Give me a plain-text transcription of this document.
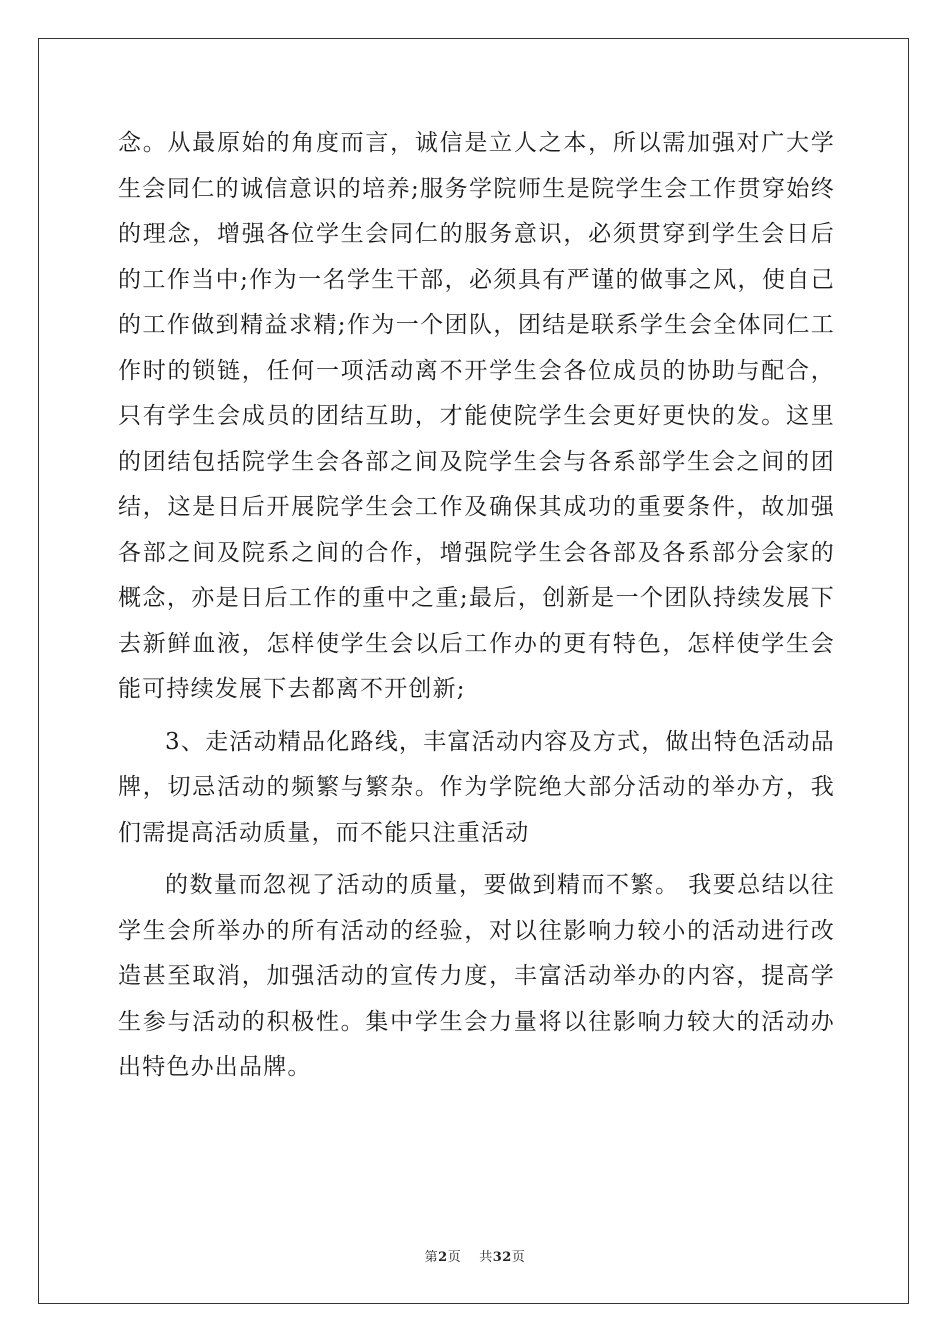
念。从最原始的角度而言，诚信是立人之本，所以需加强对广大学生会同仁的诚信意识的培养;服务学院师生是院学生会工作贯穿始终的理念，增强各位学生会同仁的服务意识，必须贯穿到学生会日后的工作当中;作为一名学生干部，必须具有严谨的做事之风，使自己的工作做到精益求精;作为一个团队，团结是联系学生会全体同仁工作时的锁链，任何一项活动离不开学生会各位成员的协助与配合，只有学生会成员的团结互助，才能使院学生会更好更快的发。这里的团结包括院学生会各部之间及院学生会与各系部学生会之间的团结，这是日后开展院学生会工作及确保其成功的重要条件，故加强各部之间及院系之间的合作，增强院学生会各部及各系部分会家的概念，亦是日后工作的重中之重;最后，创新是一个团队持续发展下去新鲜血液，怎样使学生会以后工作办的更有特色，怎样使学生会能可持续发展下去都离不开创新;

3、走活动精品化路线，丰富活动内容及方式，做出特色活动品牌，切忌活动的频繁与繁杂。作为学院绝大部分活动的举办方，我们需提高活动质量，而不能只注重活动

的数量而忽视了活动的质量，要做到精而不繁。 我要总结以往学生会所举办的所有活动的经验，对以往影响力较小的活动进行改造甚至取消，加强活动的宣传力度，丰富活动举办的内容，提高学生参与活动的积极性。集中学生会力量将以往影响力较大的活动办出特色办出品牌。

第2页 共32页
